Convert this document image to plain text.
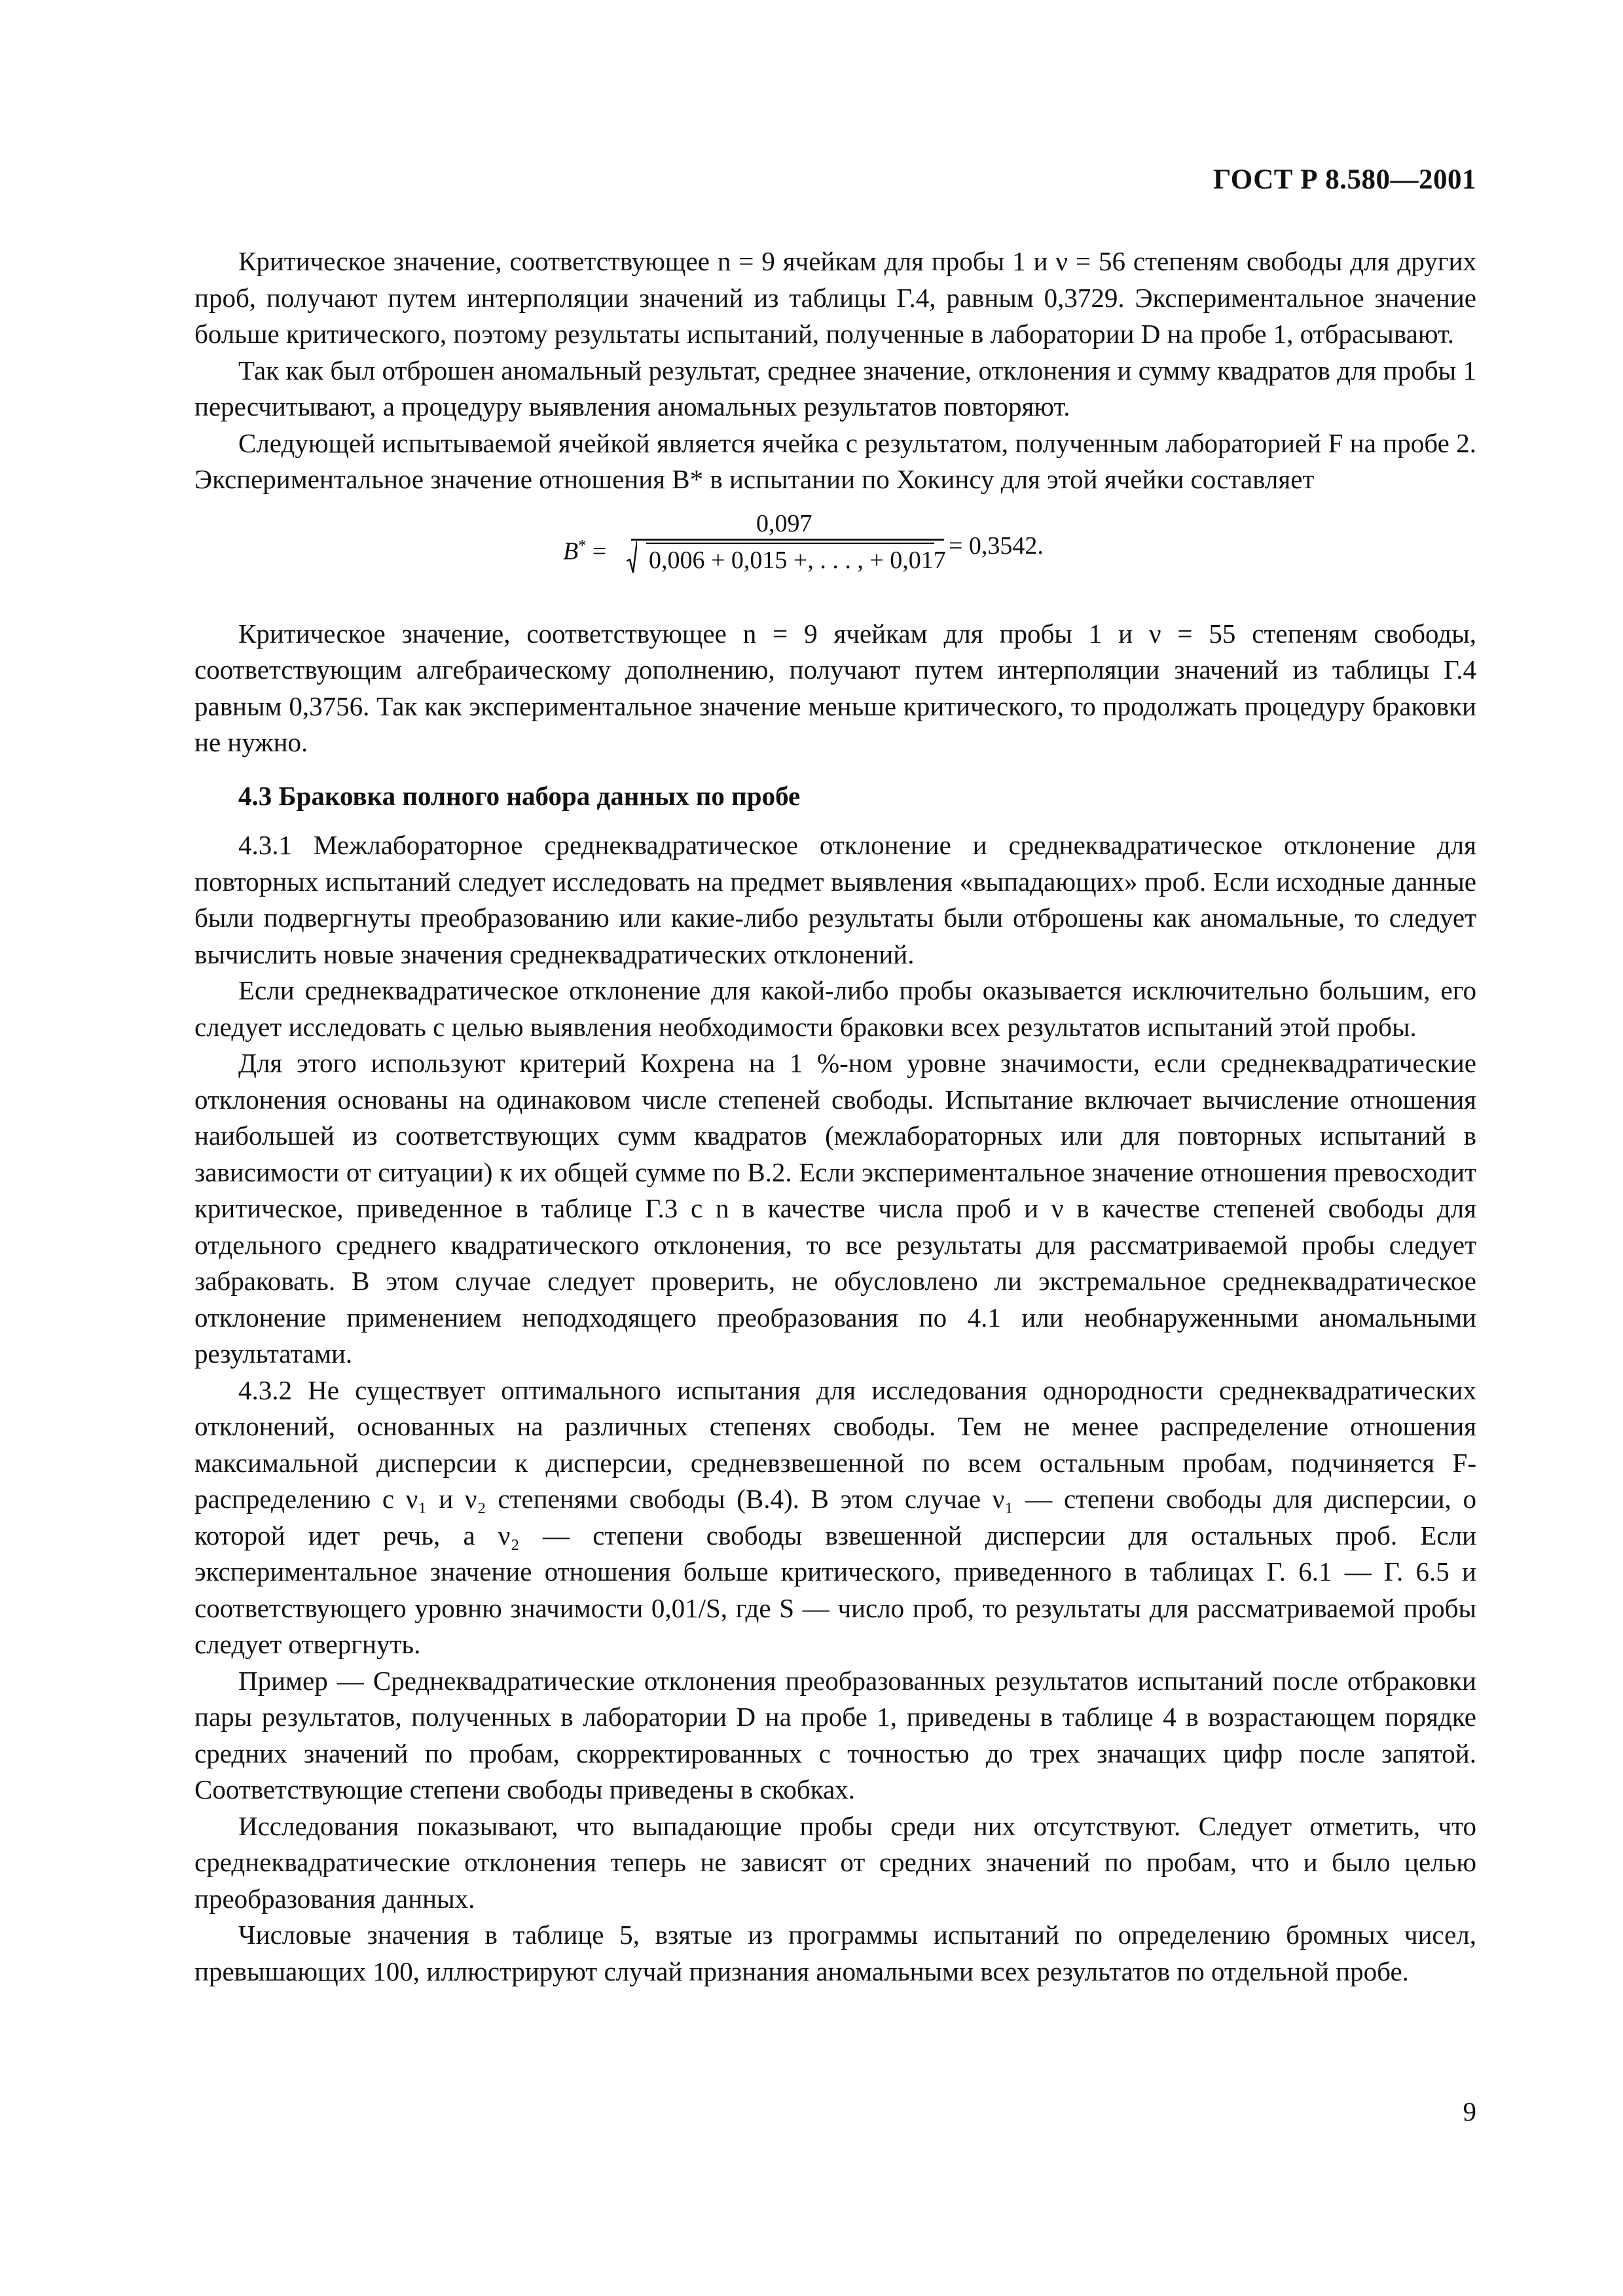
ГОСТ Р 8.580—2001

Критическое значение, соответствующее n = 9 ячейкам для пробы 1 и ν = 56 степеням свободы для других проб, получают путем интерполяции значений из таблицы Г.4, равным 0,3729. Экспериментальное значение больше критического, поэтому результаты испытаний, полученные в лаборатории D на пробе 1, отбрасывают.

Так как был отброшен аномальный результат, среднее значение, отклонения и сумму квадратов для пробы 1 пересчитывают, а процедуру выявления аномальных результатов повторяют.

Следующей испытываемой ячейкой является ячейка с результатом, полученным лабораторией F на пробе 2. Экспериментальное значение отношения B* в испытании по Хокинсу для этой ячейки составляет

B* =
0,097
0,006 + 0,015 +, . . . , + 0,017
= 0,3542.

Критическое значение, соответствующее n = 9 ячейкам для пробы 1 и ν = 55 степеням свободы, соответствующим алгебраическому дополнению, получают путем интерполяции значений из таблицы Г.4 равным 0,3756. Так как экспериментальное значение меньше критического, то продолжать процедуру браковки не нужно.

4.3 Браковка полного набора данных по пробе

4.3.1 Межлабораторное среднеквадратическое отклонение и среднеквадратическое отклонение для повторных испытаний следует исследовать на предмет выявления «выпадающих» проб. Если исходные данные были подвергнуты преобразованию или какие-либо результаты были отброшены как аномальные, то следует вычислить новые значения среднеквадратических отклонений.

Если среднеквадратическое отклонение для какой-либо пробы оказывается исключительно большим, его следует исследовать с целью выявления необходимости браковки всех результатов испытаний этой пробы.

Для этого используют критерий Кохрена на 1 %-ном уровне значимости, если среднеквадратические отклонения основаны на одинаковом числе степеней свободы. Испытание включает вычисление отношения наибольшей из соответствующих сумм квадратов (межлабораторных или для повторных испытаний в зависимости от ситуации) к их общей сумме по В.2. Если экспериментальное значение отношения превосходит критическое, приведенное в таблице Г.3 с n в качестве числа проб и ν в качестве степеней свободы для отдельного среднего квадратического отклонения, то все результаты для рассматриваемой пробы следует забраковать. В этом случае следует проверить, не обусловлено ли экстремальное среднеквадратическое отклонение применением неподходящего преобразования по 4.1 или необнаруженными аномальными результатами.

4.3.2 Не существует оптимального испытания для исследования однородности среднеквадратических отклонений, основанных на различных степенях свободы. Тем не менее распределение отношения максимальной дисперсии к дисперсии, средневзвешенной по всем остальным пробам, подчиняется F-распределению с ν₁ и ν₂ степенями свободы (В.4). В этом случае ν₁ — степени свободы для дисперсии, о которой идет речь, а ν₂ — степени свободы взвешенной дисперсии для остальных проб. Если экспериментальное значение отношения больше критического, приведенного в таблицах Г. 6.1 — Г. 6.5 и соответствующего уровню значимости 0,01/S, где S — число проб, то результаты для рассматриваемой пробы следует отвергнуть.

Пример — Среднеквадратические отклонения преобразованных результатов испытаний после отбраковки пары результатов, полученных в лаборатории D на пробе 1, приведены в таблице 4 в возрастающем порядке средних значений по пробам, скорректированных с точностью до трех значащих цифр после запятой. Соответствующие степени свободы приведены в скобках.

Исследования показывают, что выпадающие пробы среди них отсутствуют. Следует отметить, что среднеквадратические отклонения теперь не зависят от средних значений по пробам, что и было целью преобразования данных.

Числовые значения в таблице 5, взятые из программы испытаний по определению бромных чисел, превышающих 100, иллюстрируют случай признания аномальными всех результатов по отдельной пробе.

9
